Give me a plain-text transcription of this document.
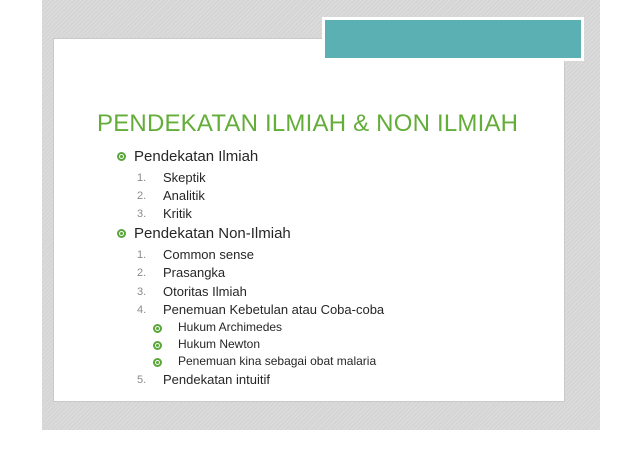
PENDEKATAN ILMIAH & NON ILMIAH
Pendekatan Ilmiah
1. Skeptik
2. Analitik
3. Kritik
Pendekatan Non-Ilmiah
1. Common sense
2. Prasangka
3. Otoritas Ilmiah
4. Penemuan Kebetulan atau Coba-coba
Hukum Archimedes
Hukum Newton
Penemuan kina sebagai obat malaria
5. Pendekatan intuitif
